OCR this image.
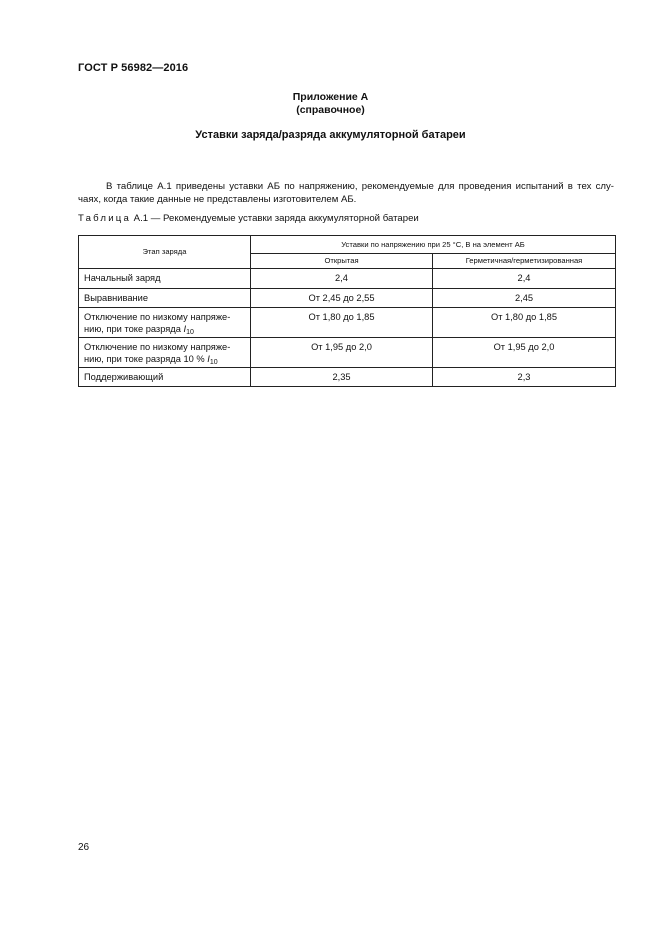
ГОСТ Р 56982—2016
Приложение А
(справочное)
Уставки заряда/разряда аккумуляторной батареи
В таблице А.1 приведены уставки АБ по напряжению, рекомендуемые для проведения испытаний в тех слу-
чаях, когда такие данные не представлены изготовителем АБ.
Таблица А.1 — Рекомендуемые уставки заряда аккумуляторной батареи
Этап заряда	Уставки по напряжению при 25 °С, В на элемент АБ	
	Открытая	Герметичная/герметизированная
Начальный заряд	2,4	2,4
Выравнивание	От 2,45 до 2,55	2,45
Отключение по низкому напряже-
нию, при токе разряда $I_{10}$	От 1,80 до 1,85	От 1,80 до 1,85
Отключение по низкому напряже-
нию, при токе разряда 10 % $I_{10}$	От 1,95 до 2,0	От 1,95 до 2,0
Поддерживающий	2,35	2,3
26
